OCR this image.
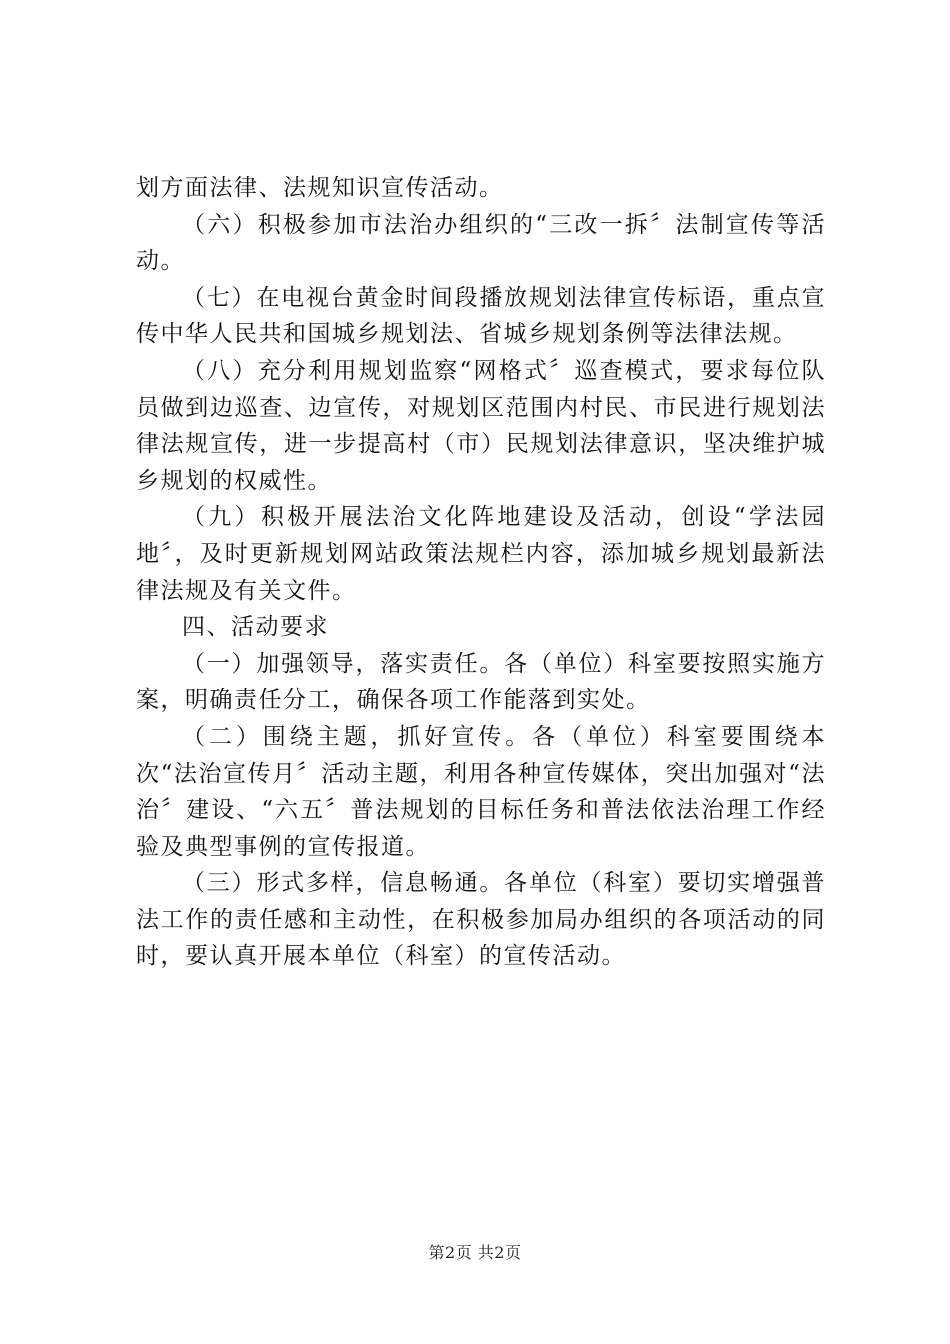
划方面法律、法规知识宣传活动。

（六）积极参加市法治办组织的“三改一拆〞法制宣传等活动。

（七）在电视台黄金时间段播放规划法律宣传标语，重点宣传中华人民共和国城乡规划法、省城乡规划条例等法律法规。

（八）充分利用规划监察“网格式〞巡查模式，要求每位队员做到边巡查、边宣传，对规划区范围内村民、市民进行规划法律法规宣传，进一步提高村（市）民规划法律意识，坚决维护城乡规划的权威性。

（九）积极开展法治文化阵地建设及活动，创设“学法园地〞，及时更新规划网站政策法规栏内容，添加城乡规划最新法律法规及有关文件。

四、活动要求

（一）加强领导，落实责任。各（单位）科室要按照实施方案，明确责任分工，确保各项工作能落到实处。

（二）围绕主题，抓好宣传。各（单位）科室要围绕本次“法治宣传月〞活动主题，利用各种宣传媒体，突出加强对“法治〞建设、“六五〞普法规划的目标任务和普法依法治理工作经验及典型事例的宣传报道。

（三）形式多样，信息畅通。各单位（科室）要切实增强普法工作的责任感和主动性，在积极参加局办组织的各项活动的同时，要认真开展本单位（科室）的宣传活动。

第2页 共2页
